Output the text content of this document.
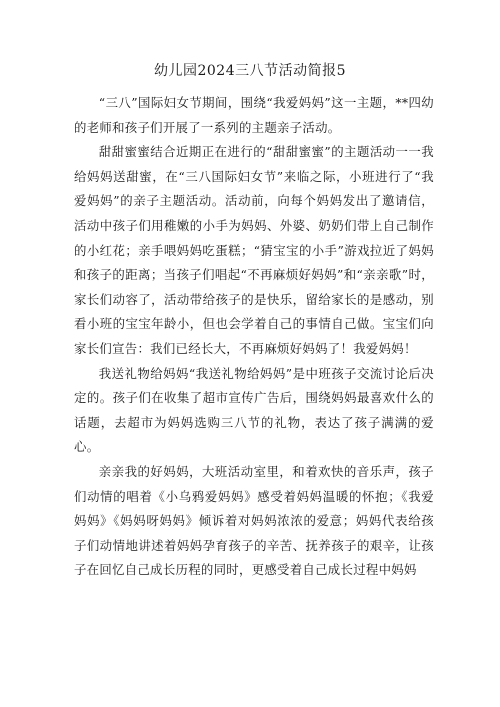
幼儿园2024三八节活动简报5

“三八”国际妇女节期间，围绕“我爱妈妈”这一主题，**四幼的老师和孩子们开展了一系列的主题亲子活动。

甜甜蜜蜜结合近期正在进行的“甜甜蜜蜜”的主题活动一一我给妈妈送甜蜜，在“三八国际妇女节”来临之际，小班进行了“我爱妈妈”的亲子主题活动。活动前，向每个妈妈发出了邀请信，活动中孩子们用稚嫩的小手为妈妈、外婆、奶奶们带上自己制作的小红花；亲手喂妈妈吃蛋糕；“猜宝宝的小手”游戏拉近了妈妈和孩子的距离；当孩子们唱起“不再麻烦好妈妈”和“亲亲歌”时，家长们动容了，活动带给孩子的是快乐，留给家长的是感动，别看小班的宝宝年龄小，但也会学着自己的事情自己做。宝宝们向家长们宣告：我们已经长大，不再麻烦好妈妈了！我爱妈妈！

我送礼物给妈妈“我送礼物给妈妈”是中班孩子交流讨论后决定的。孩子们在收集了超市宣传广告后，围绕妈妈最喜欢什么的话题，去超市为妈妈选购三八节的礼物，表达了孩子满满的爱心。

亲亲我的好妈妈，大班活动室里，和着欢快的音乐声，孩子们动情的唱着《小乌鸦爱妈妈》感受着妈妈温暖的怀抱；《我爱妈妈》《妈妈呀妈妈》倾诉着对妈妈浓浓的爱意；妈妈代表给孩子们动情地讲述着妈妈孕育孩子的辛苦、抚养孩子的艰辛，让孩子在回忆自己成长历程的同时，更感受着自己成长过程中妈妈
